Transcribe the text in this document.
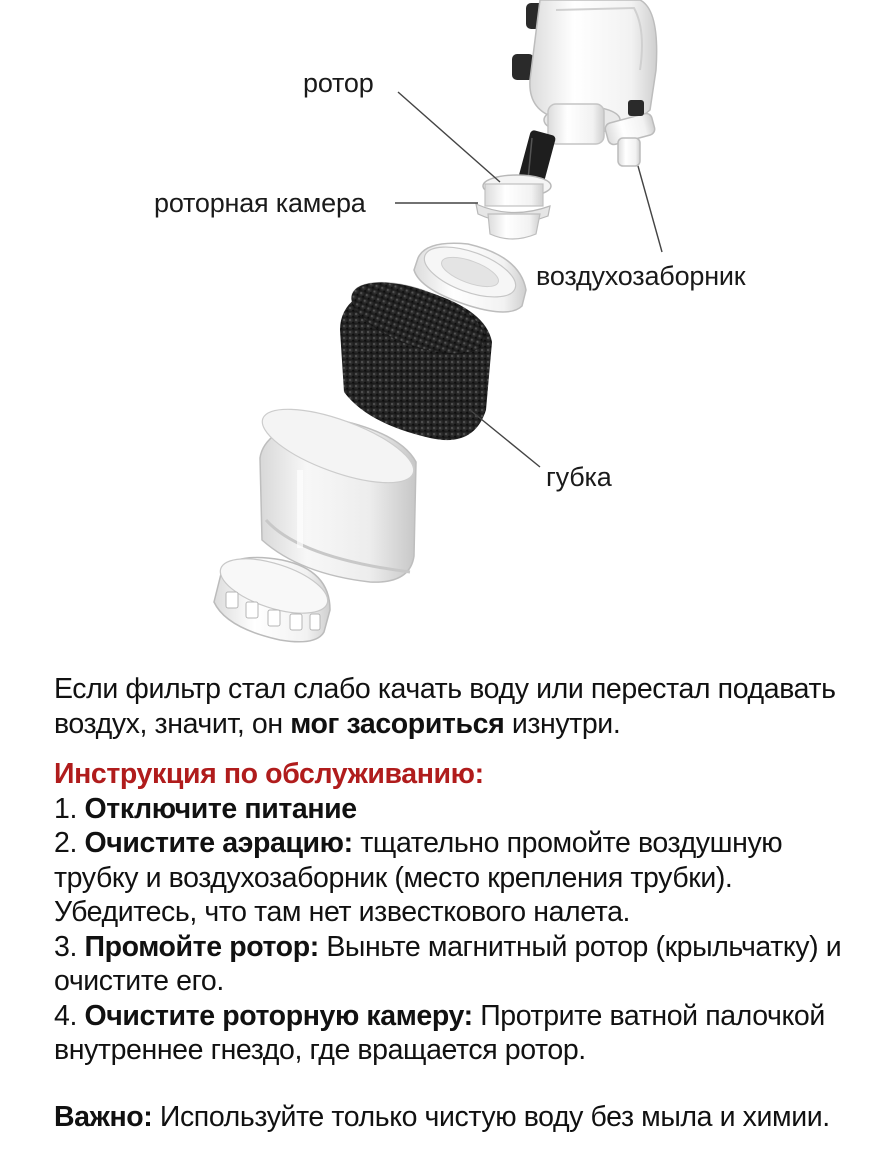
ротор
роторная камера
воздухозаборник
губка

Если фильтр стал слабо качать воду или перестал подавать воздух, значит, он мог засориться изнутри.

Инструкция по обслуживанию:

1. Отключите питание

2. Очистите аэрацию: тщательно промойте воздушную трубку и воздухозаборник (место крепления трубки). Убедитесь, что там нет известкового налета.

3. Промойте ротор: Выньте магнитный ротор (крыльчатку) и очистите его.

4. Очистите роторную камеру: Протрите ватной палочкой внутреннее гнездо, где вращается ротор.

Важно: Используйте только чистую воду без мыла и химии.
